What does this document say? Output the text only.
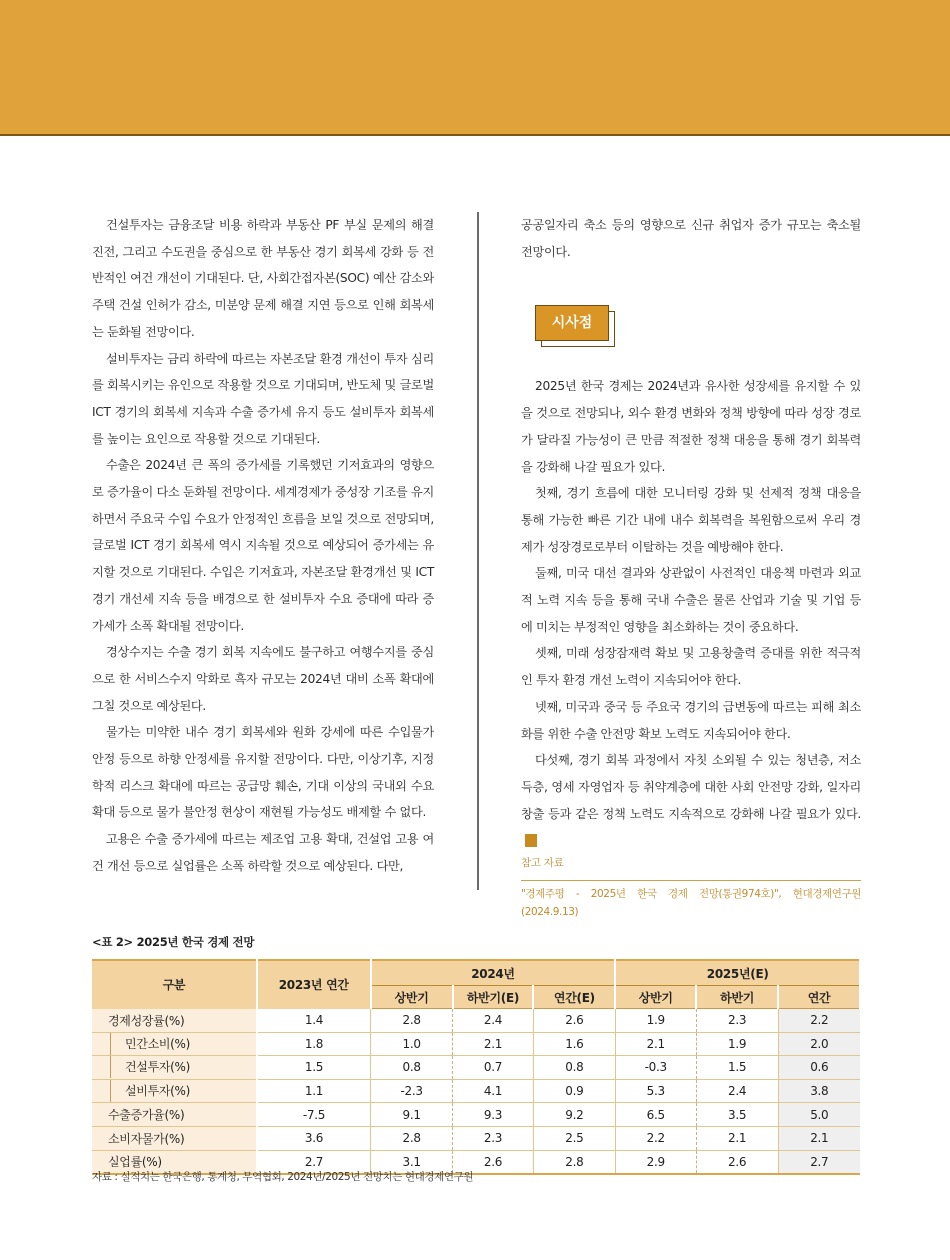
건설투자는 금융조달 비용 하락과 부동산 PF 부실 문제의 해결 진전, 그리고 수도권을 중심으로 한 부동산 경기 회복세 강화 등 전반적인 여건 개선이 기대된다. 단, 사회간접자본(SOC) 예산 감소와 주택 건설 인허가 감소, 미분양 문제 해결 지연 등으로 인해 회복세는 둔화될 전망이다.

설비투자는 금리 하락에 따르는 자본조달 환경 개선이 투자 심리를 회복시키는 유인으로 작용할 것으로 기대되며, 반도체 및 글로벌 ICT 경기의 회복세 지속과 수출 증가세 유지 등도 설비투자 회복세를 높이는 요인으로 작용할 것으로 기대된다.

수출은 2024년 큰 폭의 증가세를 기록했던 기저효과의 영향으로 증가율이 다소 둔화될 전망이다. 세계경제가 중성장 기조를 유지하면서 주요국 수입 수요가 안정적인 흐름을 보일 것으로 전망되며, 글로벌 ICT 경기 회복세 역시 지속될 것으로 예상되어 증가세는 유지할 것으로 기대된다. 수입은 기저효과, 자본조달 환경개선 및 ICT 경기 개선세 지속 등을 배경으로 한 설비투자 수요 증대에 따라 증가세가 소폭 확대될 전망이다.

경상수지는 수출 경기 회복 지속에도 불구하고 여행수지를 중심으로 한 서비스수지 악화로 흑자 규모는 2024년 대비 소폭 확대에 그칠 것으로 예상된다.

물가는 미약한 내수 경기 회복세와 원화 강세에 따른 수입물가 안정 등으로 하향 안정세를 유지할 전망이다. 다만, 이상기후, 지정학적 리스크 확대에 따르는 공급망 훼손, 기대 이상의 국내외 수요 확대 등으로 물가 불안정 현상이 재현될 가능성도 배제할 수 없다.

고용은 수출 증가세에 따르는 제조업 고용 확대, 건설업 고용 여건 개선 등으로 실업률은 소폭 하락할 것으로 예상된다. 다만,

공공일자리 축소 등의 영향으로 신규 취업자 증가 규모는 축소될 전망이다.

시사점

2025년 한국 경제는 2024년과 유사한 성장세를 유지할 수 있을 것으로 전망되나, 외수 환경 변화와 정책 방향에 따라 성장 경로가 달라질 가능성이 큰 만큼 적절한 정책 대응을 통해 경기 회복력을 강화해 나갈 필요가 있다.

첫째, 경기 흐름에 대한 모니터링 강화 및 선제적 정책 대응을 통해 가능한 빠른 기간 내에 내수 회복력을 복원함으로써 우리 경제가 성장경로로부터 이탈하는 것을 예방해야 한다.

둘째, 미국 대선 결과와 상관없이 사전적인 대응책 마련과 외교적 노력 지속 등을 통해 국내 수출은 물론 산업과 기술 및 기업 등에 미치는 부정적인 영향을 최소화하는 것이 중요하다.

셋째, 미래 성장잠재력 확보 및 고용창출력 증대를 위한 적극적인 투자 환경 개선 노력이 지속되어야 한다.

넷째, 미국과 중국 등 주요국 경기의 급변동에 따르는 피해 최소화를 위한 수출 안전망 확보 노력도 지속되어야 한다.

다섯째, 경기 회복 과정에서 자칫 소외될 수 있는 청년층, 저소득층, 영세 자영업자 등 취약계층에 대한 사회 안전망 강화, 일자리 창출 등과 같은 정책 노력도 지속적으로 강화해 나갈 필요가 있다.

참고 자료

"경제주평 - 2025년 한국 경제 전망(통권974호)", 현대경제연구원(2024.9.13)

<표 2> 2025년 한국 경제 전망
구분	2023년 연간	2024년			2025년(E)		
		상반기	하반기(E)	연간(E)	상반기	하반기	연간
경제성장률(%)	1.4	2.8	2.4	2.6	1.9	2.3	2.2
민간소비(%)	1.8	1.0	2.1	1.6	2.1	1.9	2.0
건설투자(%)	1.5	0.8	0.7	0.8	-0.3	1.5	0.6
설비투자(%)	1.1	-2.3	4.1	0.9	5.3	2.4	3.8
수출증가율(%)	-7.5	9.1	9.3	9.2	6.5	3.5	5.0
소비자물가(%)	3.6	2.8	2.3	2.5	2.2	2.1	2.1
실업률(%)	2.7	3.1	2.6	2.8	2.9	2.6	2.7
자료 : 실적치는 한국은행, 통계청, 무역협회, 2024년/2025년 전망치는 현대경제연구원
